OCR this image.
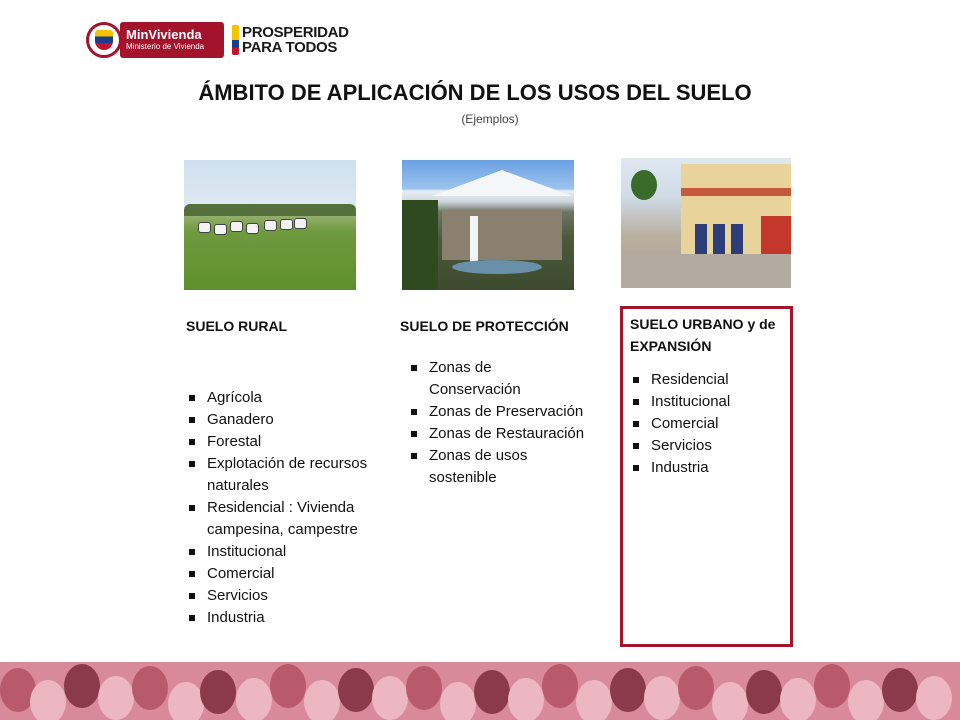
MinVivienda
Ministerio de Vivienda
PROSPERIDAD
PARA TODOS
ÁMBITO DE APLICACIÓN DE LOS USOS DEL SUELO
(Ejemplos)
SUELO RURAL
Agrícola
Ganadero
Forestal
Explotación de recursos naturales
Residencial : Vivienda campesina, campestre
Institucional
Comercial
Servicios
Industria
SUELO DE PROTECCIÓN
Zonas de Conservación
Zonas de Preservación
Zonas de Restauración
Zonas de usos sostenible
SUELO URBANO y de EXPANSIÓN
Residencial
Institucional
Comercial
Servicios
Industria
